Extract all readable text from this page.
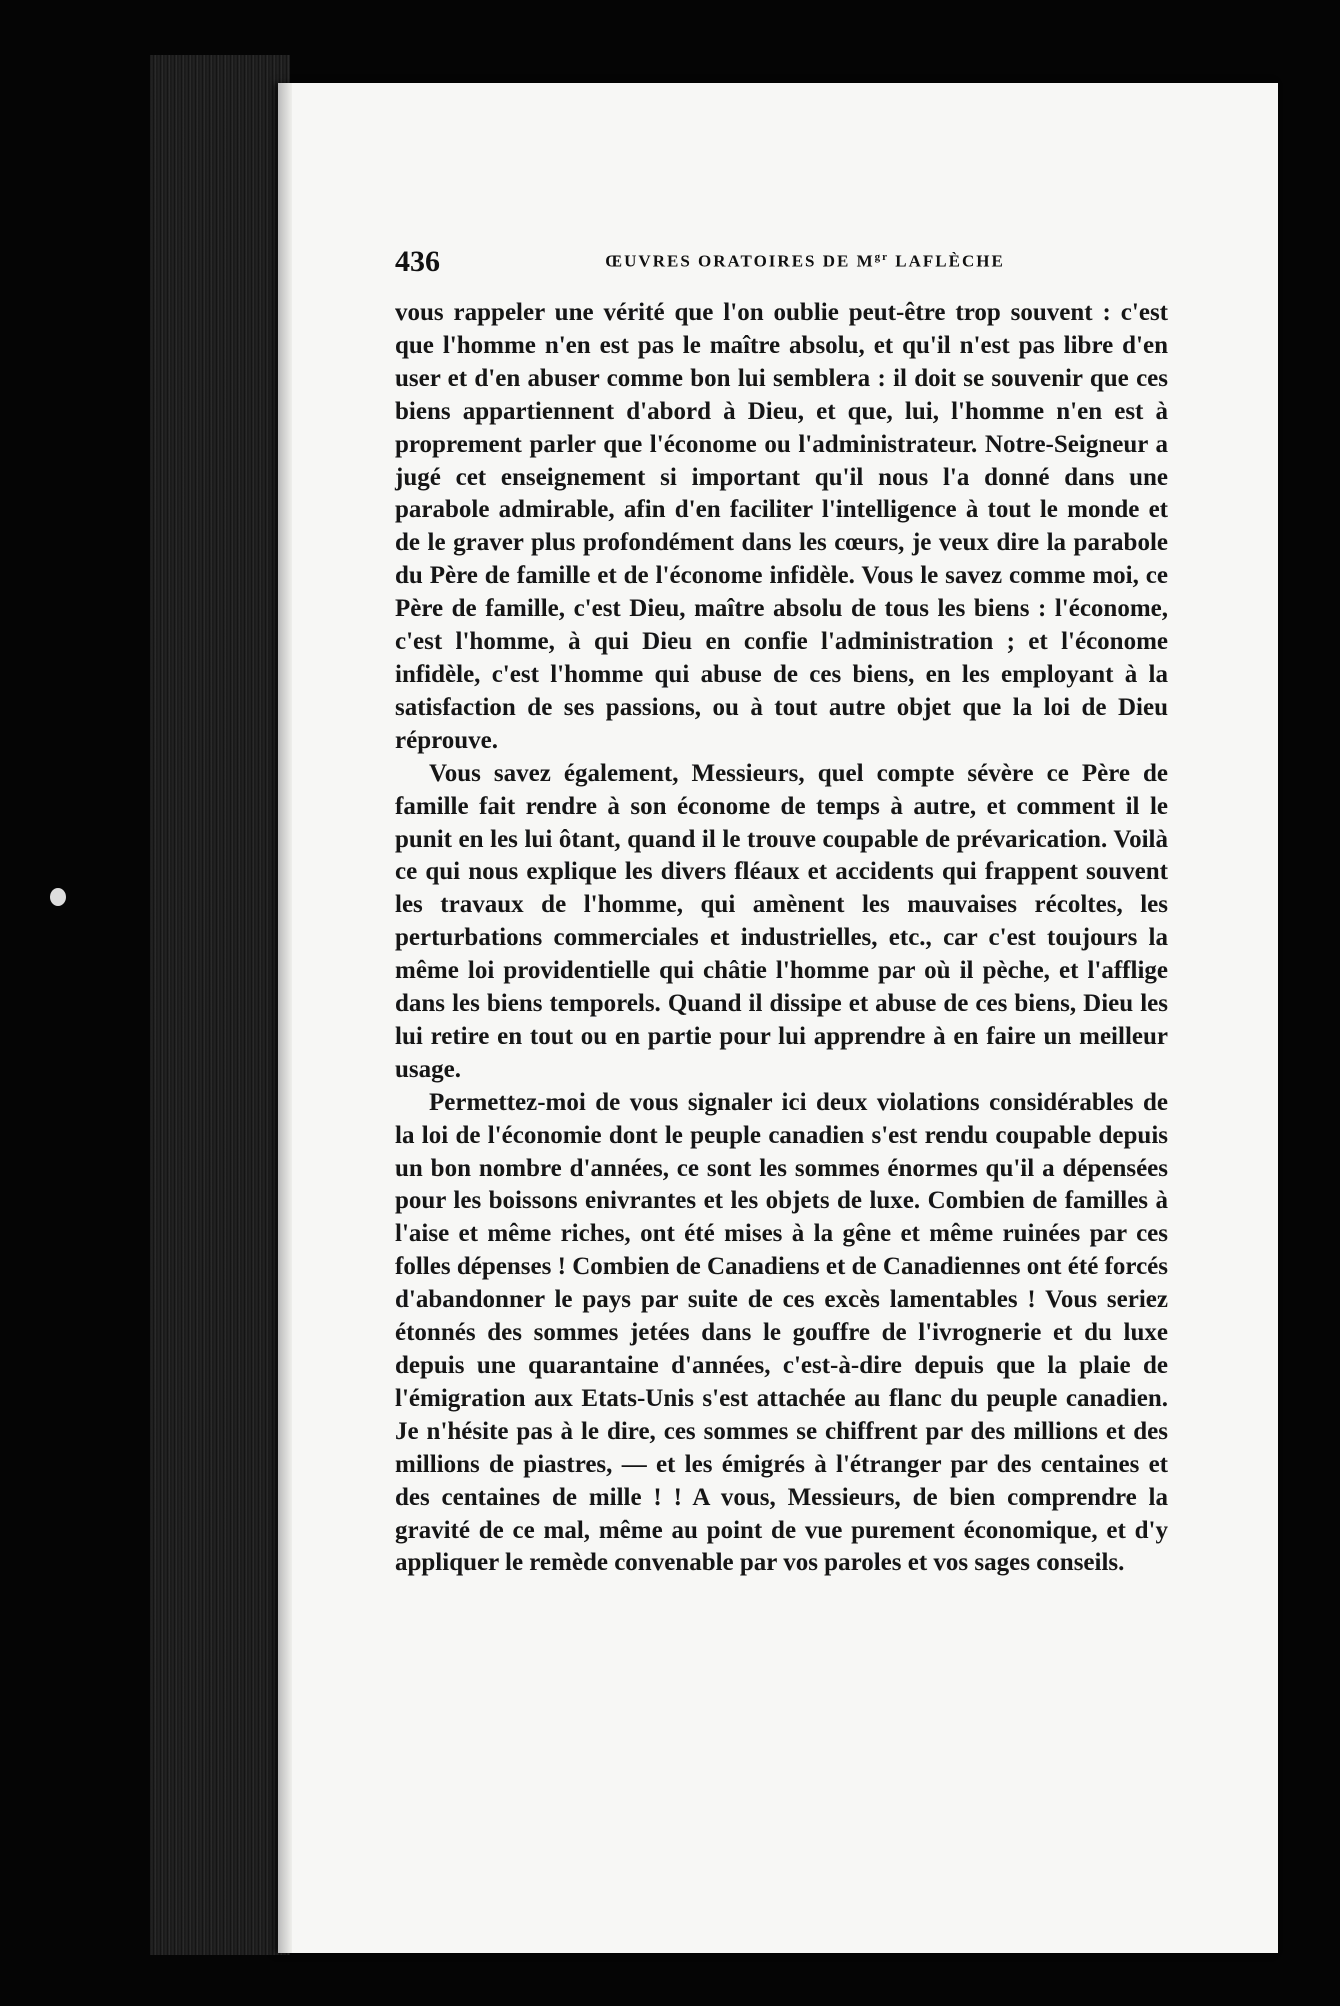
436	ŒUVRES ORATOIRES DE $M^{gr}$ LAFLÈCHE

vous rappeler une vérité que l'on oublie peut-être trop souvent : c'est que l'homme n'en est pas le maître absolu, et qu'il n'est pas libre d'en user et d'en abuser comme bon lui semblera : il doit se souvenir que ces biens appartiennent d'abord à Dieu, et que, lui, l'homme n'en est à proprement parler que l'économe ou l'administrateur. Notre-Seigneur a jugé cet enseignement si important qu'il nous l'a donné dans une parabole admirable, afin d'en faciliter l'intelligence à tout le monde et de le graver plus profondément dans les cœurs, je veux dire la parabole du Père de famille et de l'économe infidèle. Vous le savez comme moi, ce Père de famille, c'est Dieu, maître absolu de tous les biens : l'économe, c'est l'homme, à qui Dieu en confie l'administration ; et l'économe infidèle, c'est l'homme qui abuse de ces biens, en les employant à la satisfaction de ses passions, ou à tout autre objet que la loi de Dieu réprouve.

Vous savez également, Messieurs, quel compte sévère ce Père de famille fait rendre à son économe de temps à autre, et comment il le punit en les lui ôtant, quand il le trouve coupable de prévarication. Voilà ce qui nous explique les divers fléaux et accidents qui frappent souvent les travaux de l'homme, qui amènent les mauvaises récoltes, les perturbations commerciales et industrielles, etc., car c'est toujours la même loi providentielle qui châtie l'homme par où il pèche, et l'afflige dans les biens temporels. Quand il dissipe et abuse de ces biens, Dieu les lui retire en tout ou en partie pour lui apprendre à en faire un meilleur usage.

Permettez-moi de vous signaler ici deux violations considérables de la loi de l'économie dont le peuple canadien s'est rendu coupable depuis un bon nombre d'années, ce sont les sommes énormes qu'il a dépensées pour les boissons enivrantes et les objets de luxe. Combien de familles à l'aise et même riches, ont été mises à la gêne et même ruinées par ces folles dépenses ! Combien de Canadiens et de Canadiennes ont été forcés d'abandonner le pays par suite de ces excès lamentables ! Vous seriez étonnés des sommes jetées dans le gouffre de l'ivrognerie et du luxe depuis une quarantaine d'années, c'est-à-dire depuis que la plaie de l'émigration aux Etats-Unis s'est attachée au flanc du peuple canadien. Je n'hésite pas à le dire, ces sommes se chiffrent par des millions et des millions de piastres, — et les émigrés à l'étranger par des centaines et des centaines de mille ! ! A vous, Messieurs, de bien comprendre la gravité de ce mal, même au point de vue purement économique, et d'y appliquer le remède convenable par vos paroles et vos sages conseils.
